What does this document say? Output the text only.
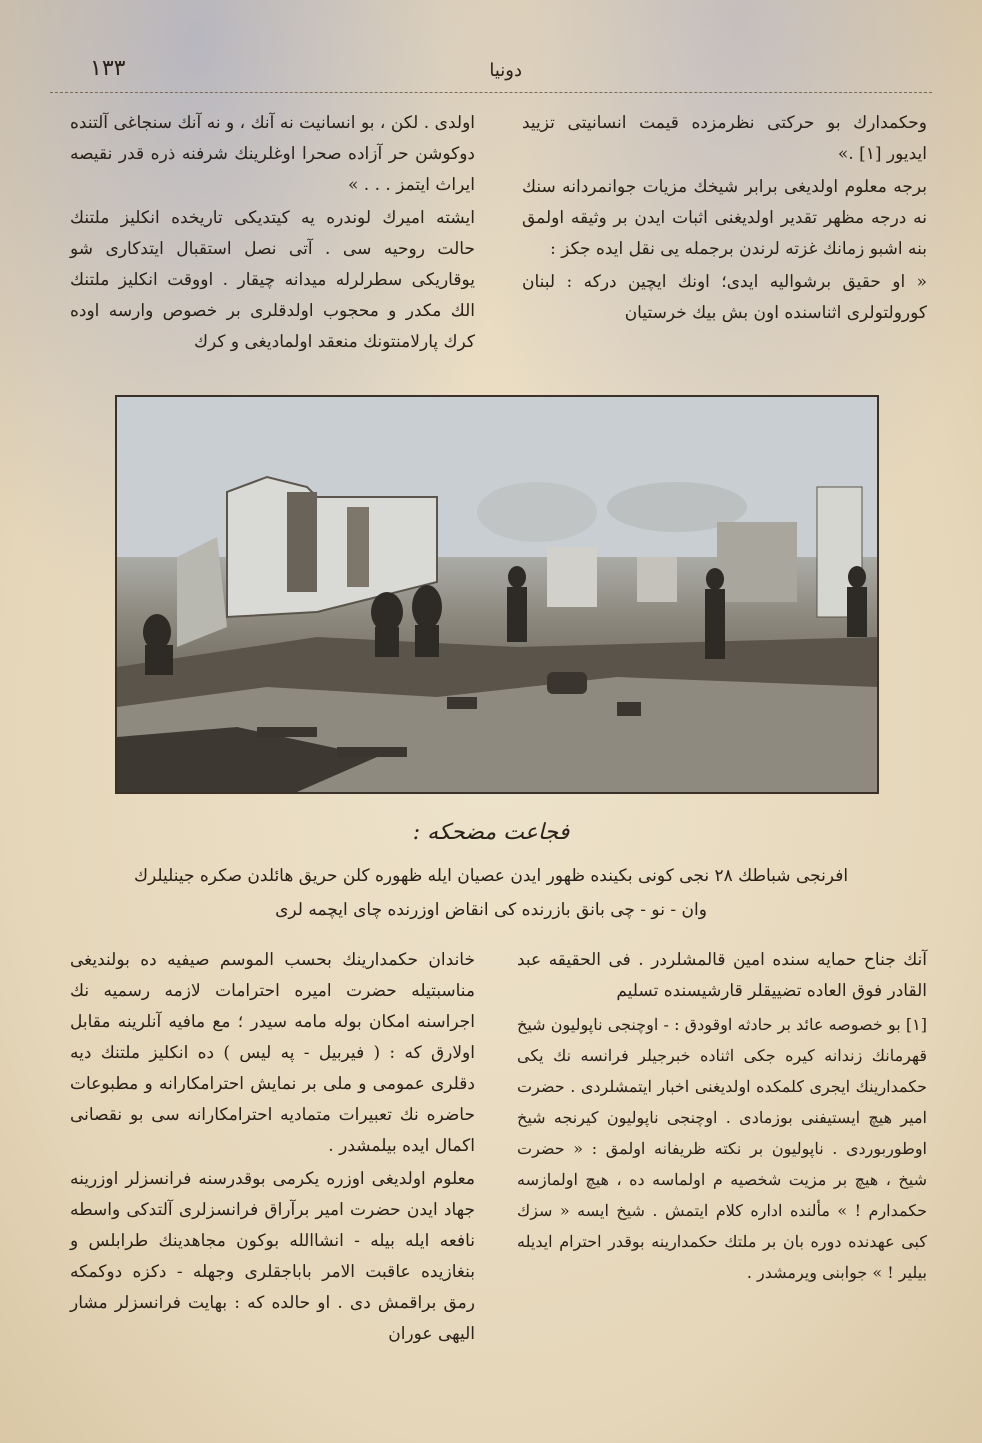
دونیا
١٣٣

وحکمدارك بو حرکتی نظرمزده قیمت انسانیتی تزیید ایدیور [١] .»

برجه معلوم اولدیغی برابر شیخك مزیات جوانمردانه سنك نه درجه مظهر تقدیر اولدیغنی اثبات ایدن بر وثیقه اولمق بنه اشبو زمانك غزته لرندن برجمله یی نقل ایده جکز :

« او حقیق برشوالیه ایدی؛ اونك ایچین درکه : لبنان کورولتولری اثناسنده اون بش بیك خرستیان

اولدی . لکن ، بو انسانیت نه آنك ، و نه آنك سنجاغی آلتنده دوکوشن حر آزاده صحرا اوغلرینك شرفنه ذره قدر نقیصه ایراث ایتمز . . . »

ایشته امیرك لوندره یه کیتدیکی تاریخده انکلیز ملتنك حالت روحیه سی . آتی نصل استقبال ایتدکاری شو یوقاریکی سطرلرله میدانه چیقار . اووقت انکلیز ملتنك الك مکدر و محجوب اولدقلری بر خصوص وارسه اوده کرك پارلامنتونك منعقد اولمادیغی و کرك

فجاعت مضحکه :
افرنجی شباطك ٢٨ نجی کونی بکینده ظهور ایدن عصیان ایله ظهوره کلن حریق هائلدن صکره جینلیلرك
وان - نو - چی بانق بازرنده کی انقاض اوزرنده چای ایچمه لری

آنك جناح حمایه سنده امین قالمشلردر . فی الحقیقه عبد القادر فوق العاده تضییقلر قارشیسنده تسلیم

[١] بو خصوصه عائد بر حادثه اوقودق : - اوچنجی ناپولیون شیخ قهرمانك زندانه کیره جکی اثناده خبرجیلر فرانسه نك یکی حکمدارینك ایجری کلمکده اولدیغنی اخبار ایتمشلردی . حضرت امیر هیچ ایستیفنی بوزمادی . اوچنجی ناپولیون کیرنجه شیخ اوطوربوردی . ناپولیون بر نکته ظریفانه اولمق : « حضرت شیخ ، هیچ بر مزیت شخصیه م اولماسه ده ، هیچ اولمازسه حکمدارم ! » مألنده اداره کلام ایتمش . شیخ ایسه « سزك کبی عهدنده دوره بان بر ملتك حکمدارینه بوقدر احترام ایدیله بیلیر ! » جوابنی ویرمشدر .

خاندان حکمدارینك بحسب الموسم صیفیه ده بولندیغی مناسبتیله حضرت امیره احترامات لازمه رسمیه نك اجراسنه امکان بوله مامه سیدر ؛ مع مافیه آنلرینه مقابل اولارق که : ( فیربیل - په لیس ) ده انکلیز ملتنك دیه دقلری عمومی و ملی بر نمایش احترامکارانه و مطبوعات حاضره نك تعبیرات متمادیه احترامکارانه سی بو نقصانی اکمال ایده بیلمشدر .

معلوم اولدیغی اوزره یکرمی بوقدرسنه فرانسزلر اوزرینه جهاد ایدن حضرت امیر برآراق فرانسزلری آلتدکی واسطه نافعه ایله بیله - انشاالله بوکون مجاهدینك طرابلس و بنغازیده عاقبت الامر باباجقلری وجهله - دکزه دوکمکه رمق براقمش دی . او حالده که : بهایت فرانسزلر مشار الیهی عوران
